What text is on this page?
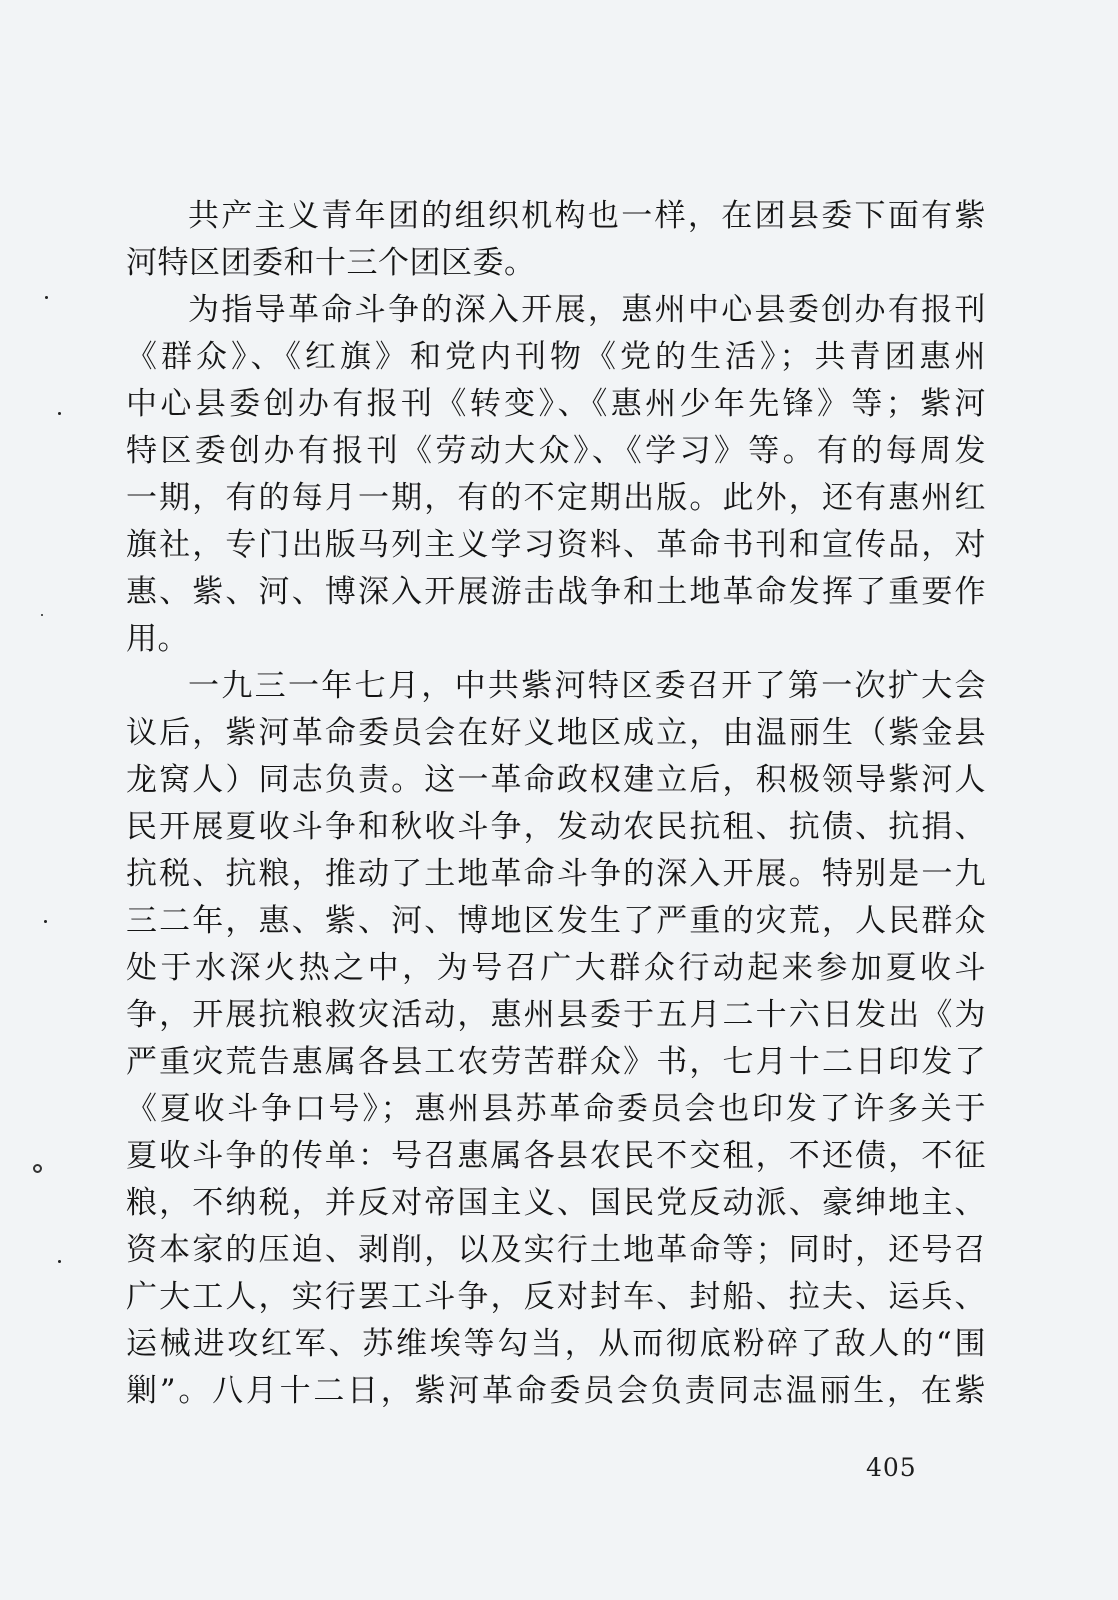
共产主义青年团的组织机构也一样，在团县委下面有紫
河特区团委和十三个团区委。
为指导革命斗争的深入开展，惠州中心县委创办有报刊
《群众》、《红旗》和党内刊物《党的生活》；共青团惠州
中心县委创办有报刊《转变》、《惠州少年先锋》等；紫河
特区委创办有报刊《劳动大众》、《学习》等。有的每周发
一期，有的每月一期，有的不定期出版。此外，还有惠州红
旗社，专门出版马列主义学习资料、革命书刊和宣传品，对
惠、紫、河、博深入开展游击战争和土地革命发挥了重要作
用。
一九三一年七月，中共紫河特区委召开了第一次扩大会
议后，紫河革命委员会在好义地区成立，由温丽生（紫金县
龙窝人）同志负责。这一革命政权建立后，积极领导紫河人
民开展夏收斗争和秋收斗争，发动农民抗租、抗债、抗捐、
抗税、抗粮，推动了土地革命斗争的深入开展。特别是一九
三二年，惠、紫、河、博地区发生了严重的灾荒，人民群众
处于水深火热之中，为号召广大群众行动起来参加夏收斗
争，开展抗粮救灾活动，惠州县委于五月二十六日发出《为
严重灾荒告惠属各县工农劳苦群众》书，七月十二日印发了
《夏收斗争口号》；惠州县苏革命委员会也印发了许多关于
夏收斗争的传单：号召惠属各县农民不交租，不还债，不征
粮，不纳税，并反对帝国主义、国民党反动派、豪绅地主、
资本家的压迫、剥削，以及实行土地革命等；同时，还号召
广大工人，实行罢工斗争，反对封车、封船、拉夫、运兵、
运械进攻红军、苏维埃等勾当，从而彻底粉碎了敌人的“围
剿”。八月十二日，紫河革命委员会负责同志温丽生，在紫
405
